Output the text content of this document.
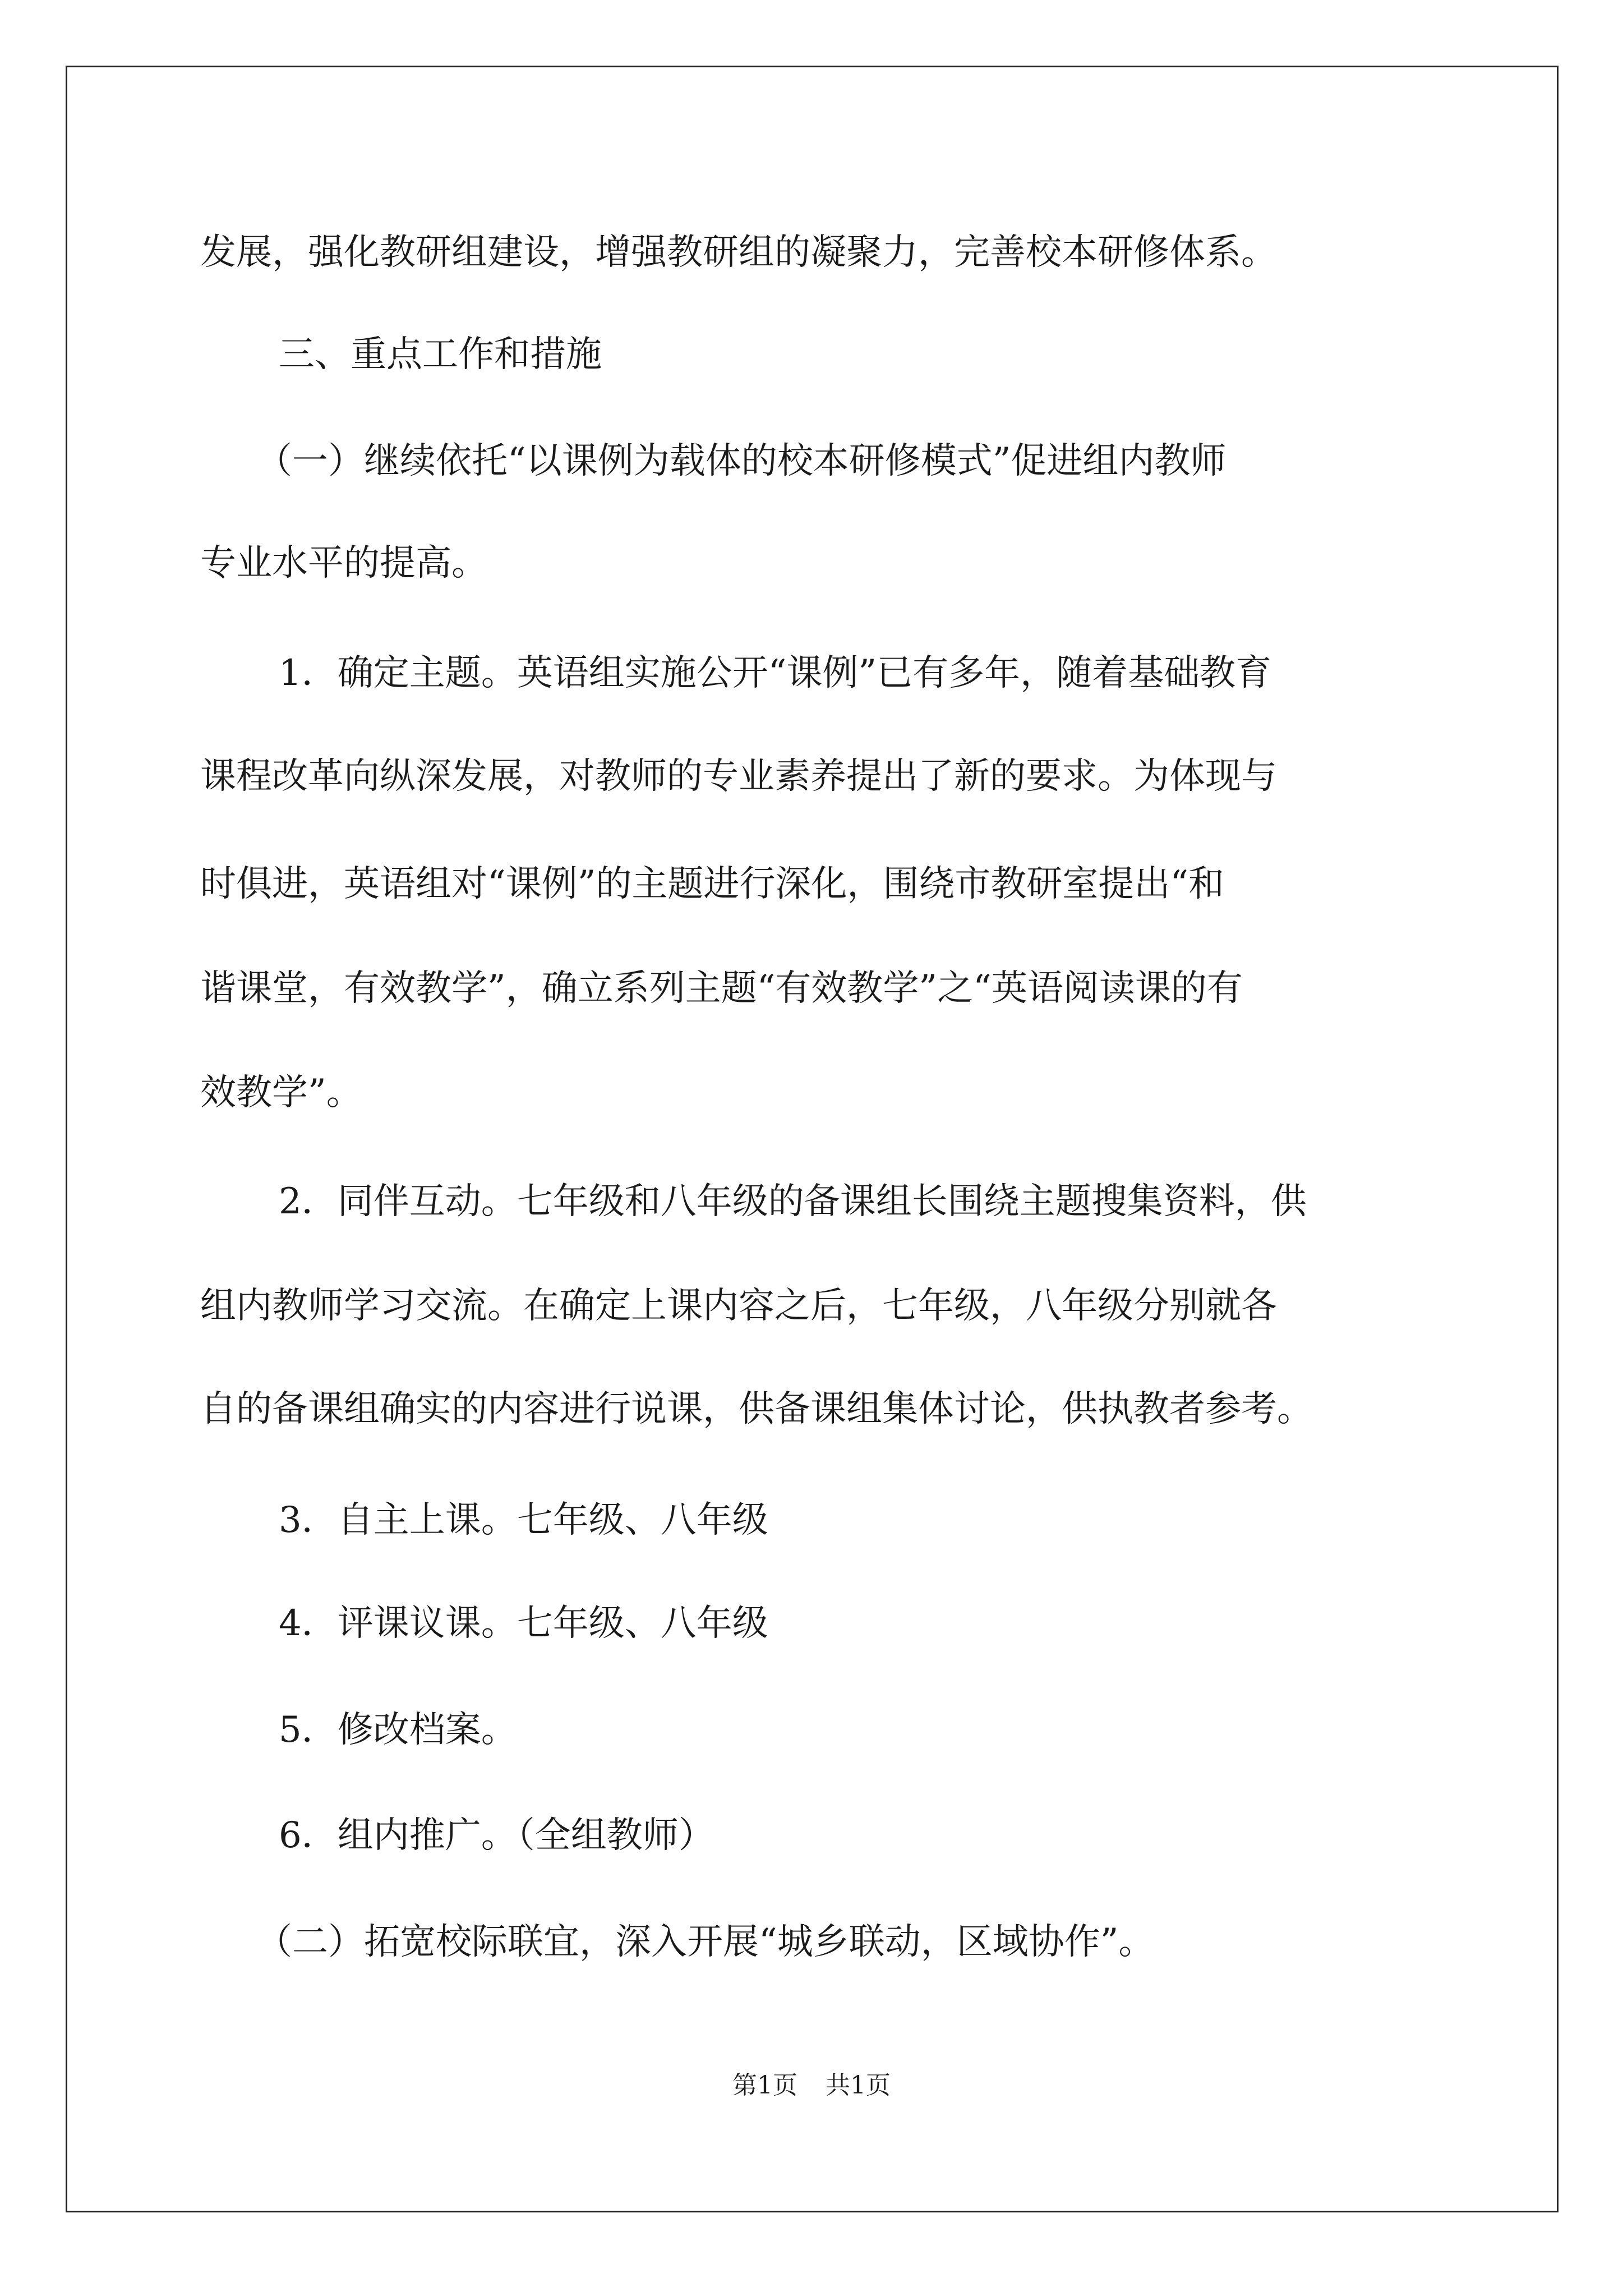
发展，强化教研组建设，增强教研组的凝聚力，完善校本研修体系。
三、重点工作和措施
（一）继续依托“以课例为载体的校本研修模式”促进组内教师
专业水平的提高。
1．确定主题。英语组实施公开“课例”已有多年，随着基础教育
课程改革向纵深发展，对教师的专业素养提出了新的要求。为体现与
时俱进，英语组对“课例”的主题进行深化，围绕市教研室提出“和
谐课堂，有效教学”，确立系列主题“有效教学”之“英语阅读课的有
效教学”。
2．同伴互动。七年级和八年级的备课组长围绕主题搜集资料，供
组内教师学习交流。在确定上课内容之后，七年级，八年级分别就各
自的备课组确实的内容进行说课，供备课组集体讨论，供执教者参考。
3．自主上课。七年级、八年级
4．评课议课。七年级、八年级
5．修改档案。
6．组内推广。（全组教师）
（二）拓宽校际联宜，深入开展“城乡联动，区域协作”。
第1页 共1页
